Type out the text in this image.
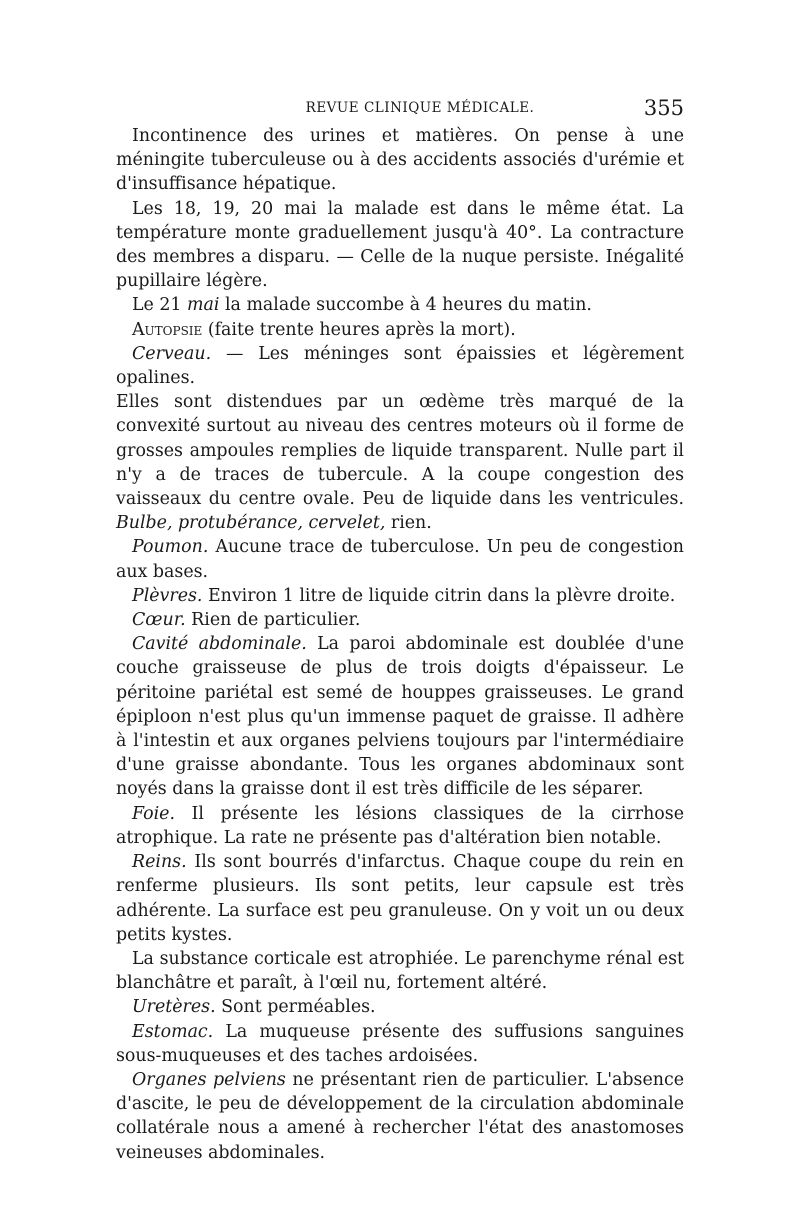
REVUE CLINIQUE MÉDICALE.	355

Incontinence des urines et matières. On pense à une méningite tuberculeuse ou à des accidents associés d'urémie et d'insuffisance hépatique.

Les 18, 19, 20 mai la malade est dans le même état. La température monte graduellement jusqu'à 40°. La contracture des membres a disparu. — Celle de la nuque persiste. Inégalité pupillaire légère.

Le 21 mai la malade succombe à 4 heures du matin.

Autopsie (faite trente heures après la mort).

Cerveau. — Les méninges sont épaissies et légèrement opalines.

Elles sont distendues par un œdème très marqué de la convexité surtout au niveau des centres moteurs où il forme de grosses ampoules remplies de liquide transparent. Nulle part il n'y a de traces de tubercule. A la coupe congestion des vaisseaux du centre ovale. Peu de liquide dans les ventricules. Bulbe, protubérance, cervelet, rien.

Poumon. Aucune trace de tuberculose. Un peu de congestion aux bases.

Plèvres. Environ 1 litre de liquide citrin dans la plèvre droite.

Cœur. Rien de particulier.

Cavité abdominale. La paroi abdominale est doublée d'une couche graisseuse de plus de trois doigts d'épaisseur. Le péritoine pariétal est semé de houppes graisseuses. Le grand épiploon n'est plus qu'un immense paquet de graisse. Il adhère à l'intestin et aux organes pelviens toujours par l'intermédiaire d'une graisse abondante. Tous les organes abdominaux sont noyés dans la graisse dont il est très difficile de les séparer.

Foie. Il présente les lésions classiques de la cirrhose atrophique. La rate ne présente pas d'altération bien notable.

Reins. Ils sont bourrés d'infarctus. Chaque coupe du rein en renferme plusieurs. Ils sont petits, leur capsule est très adhérente. La surface est peu granuleuse. On y voit un ou deux petits kystes.

La substance corticale est atrophiée. Le parenchyme rénal est blanchâtre et paraît, à l'œil nu, fortement altéré.

Uretères. Sont perméables.

Estomac. La muqueuse présente des suffusions sanguines sous-muqueuses et des taches ardoisées.

Organes pelviens ne présentant rien de particulier. L'absence d'ascite, le peu de développement de la circulation abdominale collatérale nous a amené à rechercher l'état des anastomoses veineuses abdominales.
